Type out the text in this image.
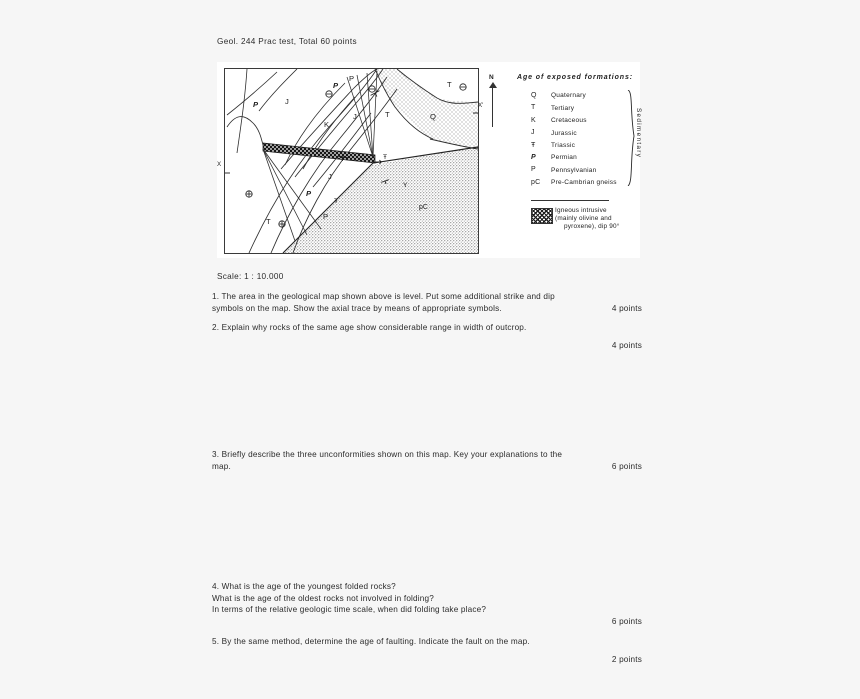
Geol. 244 Prac test, Total 60 points
P	J
P
P
J
K
T
T
Q
J
P
Ŧ
P
T
Ŧ
Y
pC
X
X'
N	Age of exposed formations:
Q	Quaternary
T	Tertiary
K	Cretaceous
J	Jurassic
Ŧ	Triassic
P	Permian
P	Pennsylvanian
pC	Pre-Cambrian gneiss
Sedimentary
Igneous intrusive
(mainly olivine and
pyroxene), dip 90°
Scale: 1 : 10.000
1. The area in the geological map shown above is level. Put some additional strike and dip
symbols on the map. Show the axial trace by means of appropriate symbols.	4 points
2. Explain why rocks of the same age show considerable range in width of outcrop.
4 points
3. Briefly describe the three unconformities shown on this map. Key your explanations to the
map.	6 points
4. What is the age of the youngest folded rocks?
What is the age of the oldest rocks not involved in folding?
In terms of the relative geologic time scale, when did folding take place?
6 points
5. By the same method, determine the age of faulting. Indicate the fault on the map.
2 points
